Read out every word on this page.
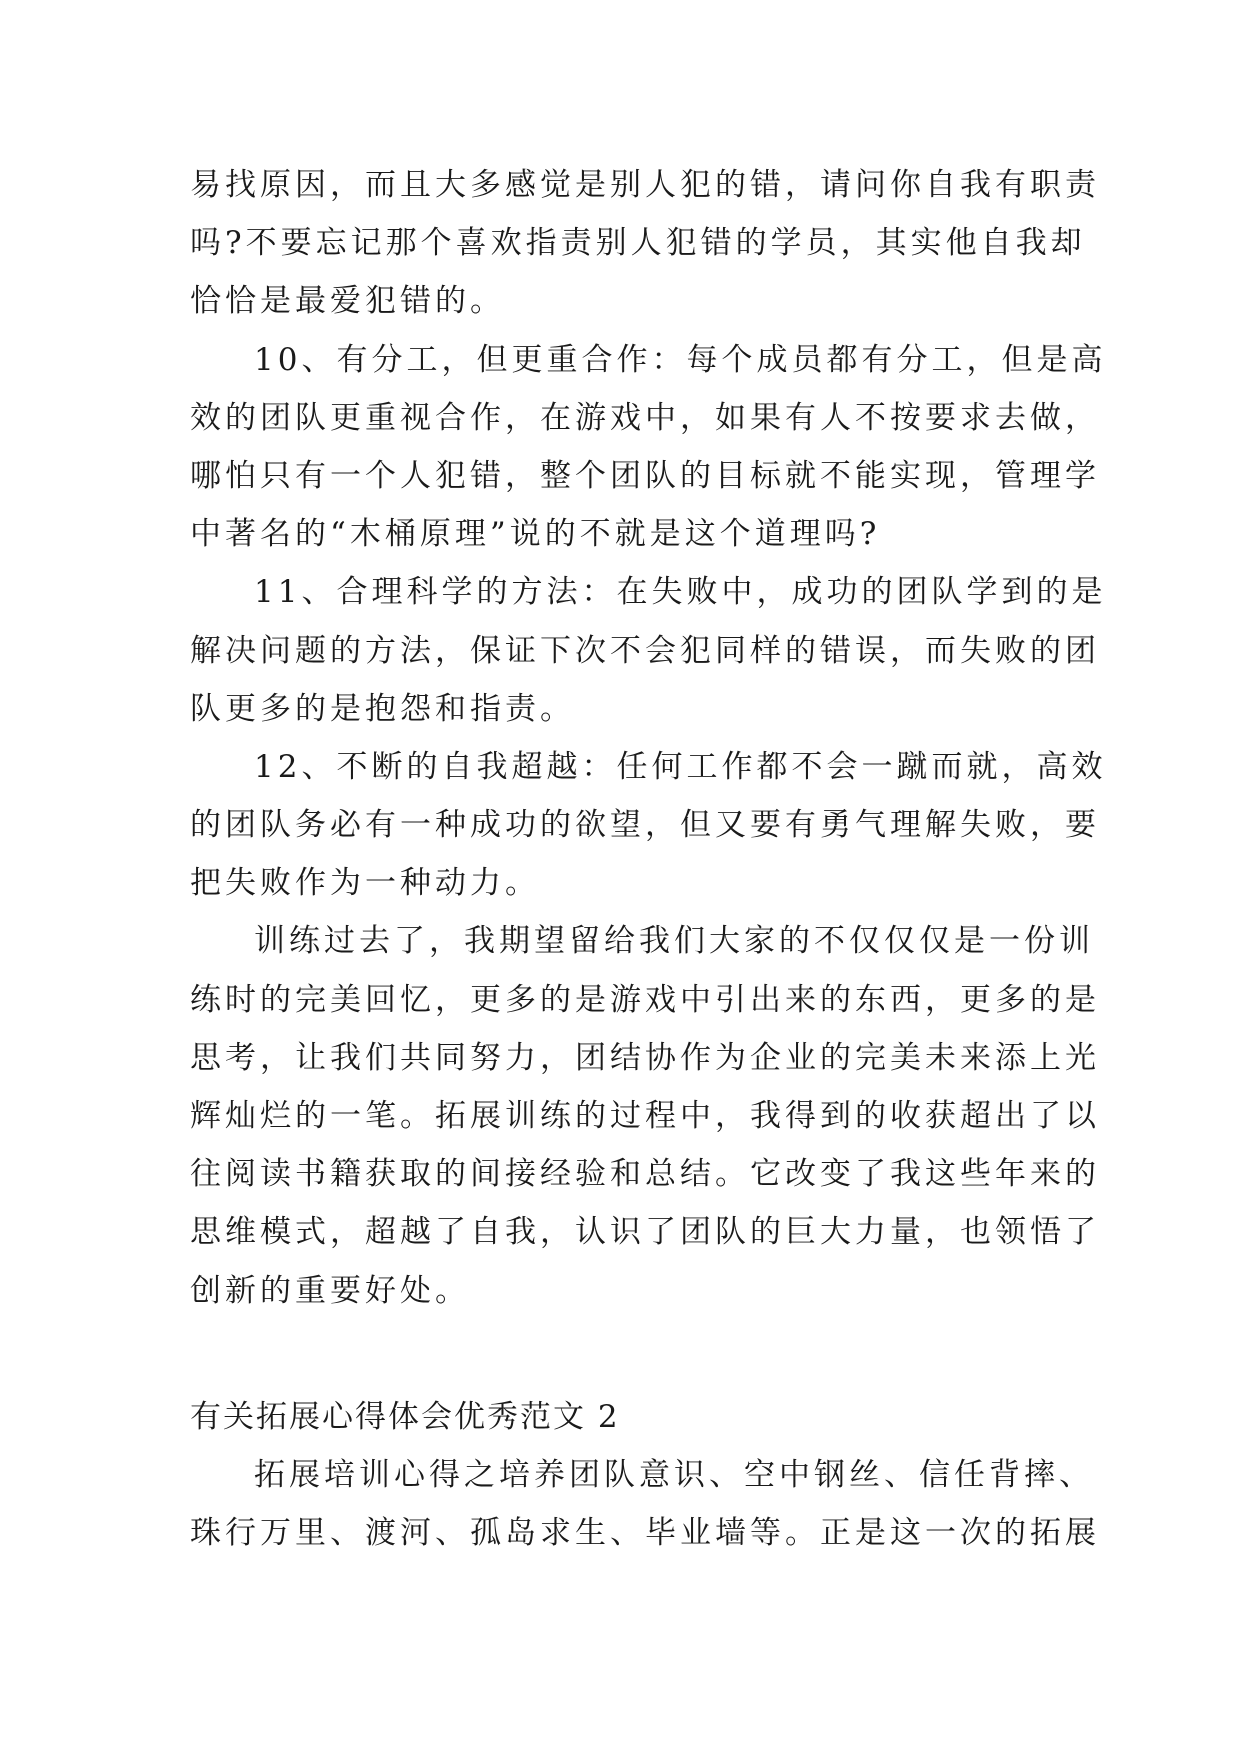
易找原因，而且大多感觉是别人犯的错，请问你自我有职责
吗?不要忘记那个喜欢指责别人犯错的学员，其实他自我却
恰恰是最爱犯错的。
10、有分工，但更重合作：每个成员都有分工，但是高
效的团队更重视合作，在游戏中，如果有人不按要求去做，
哪怕只有一个人犯错，整个团队的目标就不能实现，管理学
中著名的“木桶原理”说的不就是这个道理吗?
11、合理科学的方法：在失败中，成功的团队学到的是
解决问题的方法，保证下次不会犯同样的错误，而失败的团
队更多的是抱怨和指责。
12、不断的自我超越：任何工作都不会一蹴而就，高效
的团队务必有一种成功的欲望，但又要有勇气理解失败，要
把失败作为一种动力。
训练过去了，我期望留给我们大家的不仅仅仅是一份训
练时的完美回忆，更多的是游戏中引出来的东西，更多的是
思考，让我们共同努力，团结协作为企业的完美未来添上光
辉灿烂的一笔。拓展训练的过程中，我得到的收获超出了以
往阅读书籍获取的间接经验和总结。它改变了我这些年来的
思维模式，超越了自我，认识了团队的巨大力量，也领悟了
创新的重要好处。
有关拓展心得体会优秀范文 2
拓展培训心得之培养团队意识、空中钢丝、信任背摔、
珠行万里、渡河、孤岛求生、毕业墙等。正是这一次的拓展
